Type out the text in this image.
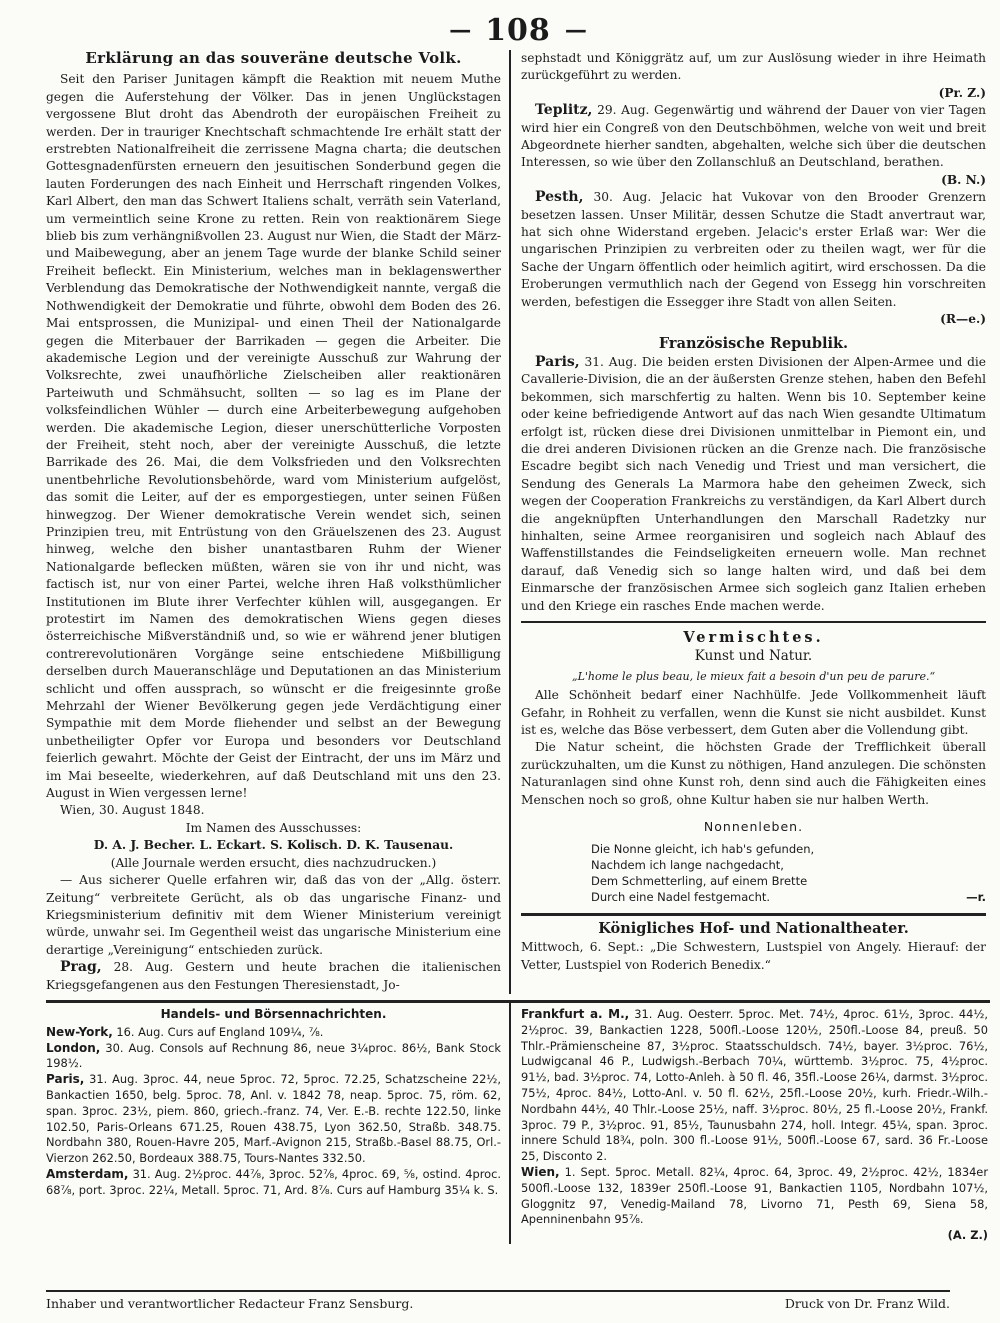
— 108 —
Erklärung an das souveräne deutsche Volk.

Seit den Pariser Junitagen kämpft die Reaktion mit neuem Muthe gegen die Auferstehung der Völker. Das in jenen Unglückstagen vergossene Blut droht das Abendroth der europäischen Freiheit zu werden. Der in trauriger Knechtschaft schmachtende Ire erhält statt der erstrebten Nationalfreiheit die zerrissene Magna charta; die deutschen Gottesgnadenfürsten erneuern den jesuitischen Sonderbund gegen die lauten Forderungen des nach Einheit und Herrschaft ringenden Volkes, Karl Albert, den man das Schwert Italiens schalt, verräth sein Vaterland, um vermeintlich seine Krone zu retten. Rein von reaktionärem Siege blieb bis zum verhängnißvollen 23. August nur Wien, die Stadt der März- und Maibewegung, aber an jenem Tage wurde der blanke Schild seiner Freiheit befleckt. Ein Ministerium, welches man in beklagenswerther Verblendung das Demokratische der Nothwendigkeit nannte, vergaß die Nothwendigkeit der Demokratie und führte, obwohl dem Boden des 26. Mai entsprossen, die Munizipal- und einen Theil der Nationalgarde gegen die Miterbauer der Barrikaden — gegen die Arbeiter. Die akademische Legion und der vereinigte Ausschuß zur Wahrung der Volksrechte, zwei unaufhörliche Zielscheiben aller reaktionären Parteiwuth und Schmähsucht, sollten — so lag es im Plane der volksfeindlichen Wühler — durch eine Arbeiterbewegung aufgehoben werden. Die akademische Legion, dieser unerschütterliche Vorposten der Freiheit, steht noch, aber der vereinigte Ausschuß, die letzte Barrikade des 26. Mai, die dem Volksfrieden und den Volksrechten unentbehrliche Revolutionsbehörde, ward vom Ministerium aufgelöst, das somit die Leiter, auf der es emporgestiegen, unter seinen Füßen hinwegzog. Der Wiener demokratische Verein wendet sich, seinen Prinzipien treu, mit Entrüstung von den Gräuelszenen des 23. August hinweg, welche den bisher unantastbaren Ruhm der Wiener Nationalgarde beflecken müßten, wären sie von ihr und nicht, was factisch ist, nur von einer Partei, welche ihren Haß volksthümlicher Institutionen im Blute ihrer Verfechter kühlen will, ausgegangen. Er protestirt im Namen des demokratischen Wiens gegen dieses österreichische Mißverständniß und, so wie er während jener blutigen contrerevolutionären Vorgänge seine entschiedene Mißbilligung derselben durch Maueranschläge und Deputationen an das Ministerium schlicht und offen aussprach, so wünscht er die freigesinnte große Mehrzahl der Wiener Bevölkerung gegen jede Verdächtigung einer Sympathie mit dem Morde fliehender und selbst an der Bewegung unbetheiligter Opfer vor Europa und besonders vor Deutschland feierlich gewahrt. Möchte der Geist der Eintracht, der uns im März und im Mai beseelte, wiederkehren, auf daß Deutschland mit uns den 23. August in Wien vergessen lerne!

Wien, 30. August 1848.

Im Namen des Ausschusses:

D. A. J. Becher. L. Eckart. S. Kolisch. D. K. Tausenau.

(Alle Journale werden ersucht, dies nachzudrucken.)

— Aus sicherer Quelle erfahren wir, daß das von der „Allg. österr. Zeitung“ verbreitete Gerücht, als ob das ungarische Finanz- und Kriegsministerium definitiv mit dem Wiener Ministerium vereinigt würde, unwahr sei. Im Gegentheil weist das ungarische Ministerium eine derartige „Vereinigung“ entschieden zurück.

Prag, 28. Aug. Gestern und heute brachen die italienischen Kriegsgefangenen aus den Festungen Theresienstadt, Jo-

sephstadt und Königgrätz auf, um zur Auslösung wieder in ihre Heimath zurückgeführt zu werden.

(Pr. Z.)

Teplitz, 29. Aug. Gegenwärtig und während der Dauer von vier Tagen wird hier ein Congreß von den Deutschböhmen, welche von weit und breit Abgeordnete hierher sandten, abgehalten, welche sich über die deutschen Interessen, so wie über den Zollanschluß an Deutschland, berathen.

(B. N.)

Pesth, 30. Aug. Jelacic hat Vukovar von den Brooder Grenzern besetzen lassen. Unser Militär, dessen Schutze die Stadt anvertraut war, hat sich ohne Widerstand ergeben. Jelacic's erster Erlaß war: Wer die ungarischen Prinzipien zu verbreiten oder zu theilen wagt, wer für die Sache der Ungarn öffentlich oder heimlich agitirt, wird erschossen. Da die Eroberungen vermuthlich nach der Gegend von Essegg hin vorschreiten werden, befestigen die Essegger ihre Stadt von allen Seiten.

(R—e.)
Französische Republik.

Paris, 31. Aug. Die beiden ersten Divisionen der Alpen-Armee und die Cavallerie-Division, die an der äußersten Grenze stehen, haben den Befehl bekommen, sich marschfertig zu halten. Wenn bis 10. September keine oder keine befriedigende Antwort auf das nach Wien gesandte Ultimatum erfolgt ist, rücken diese drei Divisionen unmittelbar in Piemont ein, und die drei anderen Divisionen rücken an die Grenze nach. Die französische Escadre begibt sich nach Venedig und Triest und man versichert, die Sendung des Generals La Marmora habe den geheimen Zweck, sich wegen der Cooperation Frankreichs zu verständigen, da Karl Albert durch die angeknüpften Unterhandlungen den Marschall Radetzky nur hinhalten, seine Armee reorganisiren und sogleich nach Ablauf des Waffenstillstandes die Feindseligkeiten erneuern wolle. Man rechnet darauf, daß Venedig sich so lange halten wird, und daß bei dem Einmarsche der französischen Armee sich sogleich ganz Italien erheben und den Kriege ein rasches Ende machen werde.

Vermischtes.
Kunst und Natur.
„L'home le plus beau, le mieux fait a besoin d'un peu de parure.“

Alle Schönheit bedarf einer Nachhülfe. Jede Vollkommenheit läuft Gefahr, in Rohheit zu verfallen, wenn die Kunst sie nicht ausbildet. Kunst ist es, welche das Böse verbessert, dem Guten aber die Vollendung gibt.

Die Natur scheint, die höchsten Grade der Trefflichkeit überall zurückzuhalten, um die Kunst zu nöthigen, Hand anzulegen. Die schönsten Naturanlagen sind ohne Kunst roh, denn sind auch die Fähigkeiten eines Menschen noch so groß, ohne Kultur haben sie nur halben Werth.

Nonnenleben.
Die Nonne gleicht, ich hab's gefunden,
Nachdem ich lange nachgedacht,
Dem Schmetterling, auf einem Brette
Durch eine Nadel festgemacht.	—r.
Königliches Hof- und Nationaltheater.

Mittwoch, 6. Sept.: „Die Schwestern, Lustspiel von Angely. Hierauf: der Vetter, Lustspiel von Roderich Benedix.“

Handels- und Börsennachrichten.

New-York, 16. Aug. Curs auf England 109¼, ⅞.

London, 30. Aug. Consols auf Rechnung 86, neue 3¼proc. 86½, Bank Stock 198½.

Paris, 31. Aug. 3proc. 44, neue 5proc. 72, 5proc. 72.25, Schatzscheine 22½, Bankactien 1650, belg. 5proc. 78, Anl. v. 1842 78, neap. 5proc. 75, röm. 62, span. 3proc. 23½, piem. 860, griech.-franz. 74, Ver. E.-B. rechte 122.50, linke 102.50, Paris-Orleans 671.25, Rouen 438.75, Lyon 362.50, Straßb. 348.75. Nordbahn 380, Rouen-Havre 205, Marf.-Avignon 215, Straßb.-Basel 88.75, Orl.-Vierzon 262.50, Bordeaux 388.75, Tours-Nantes 332.50.

Amsterdam, 31. Aug. 2½proc. 44⅞, 3proc. 52⅞, 4proc. 69, ⅝, ostind. 4proc. 68⅞, port. 3proc. 22¼, Metall. 5proc. 71, Ard. 8⅞. Curs auf Hamburg 35¼ k. S.

Frankfurt a. M., 31. Aug. Oesterr. 5proc. Met. 74½, 4proc. 61½, 3proc. 44½, 2½proc. 39, Bankactien 1228, 500fl.-Loose 120½, 250fl.-Loose 84, preuß. 50 Thlr.-Prämienscheine 87, 3½proc. Staatsschuldsch. 74½, bayer. 3½proc. 76½, Ludwigcanal 46 P., Ludwigsh.-Berbach 70¼, württemb. 3½proc. 75, 4½proc. 91½, bad. 3½proc. 74, Lotto-Anleh. à 50 fl. 46, 35fl.-Loose 26¼, darmst. 3½proc. 75½, 4proc. 84½, Lotto-Anl. v. 50 fl. 62½, 25fl.-Loose 20½, kurh. Friedr.-Wilh.-Nordbahn 44½, 40 Thlr.-Loose 25½, naff. 3½proc. 80½, 25 fl.-Loose 20½, Frankf. 3proc. 79 P., 3½proc. 91, 85½, Taunusbahn 274, holl. Integr. 45¼, span. 3proc. innere Schuld 18¾, poln. 300 fl.-Loose 91½, 500fl.-Loose 67, sard. 36 Fr.-Loose 25, Disconto 2.

Wien, 1. Sept. 5proc. Metall. 82¼, 4proc. 64, 3proc. 49, 2½proc. 42½, 1834er 500fl.-Loose 132, 1839er 250fl.-Loose 91, Bankactien 1105, Nordbahn 107½, Gloggnitz 97, Venedig-Mailand 78, Livorno 71, Pesth 69, Siena 58, Apenninenbahn 95⅞.

(A. Z.)
Inhaber und verantwortlicher Redacteur Franz Sensburg.	Druck von Dr. Franz Wild.
